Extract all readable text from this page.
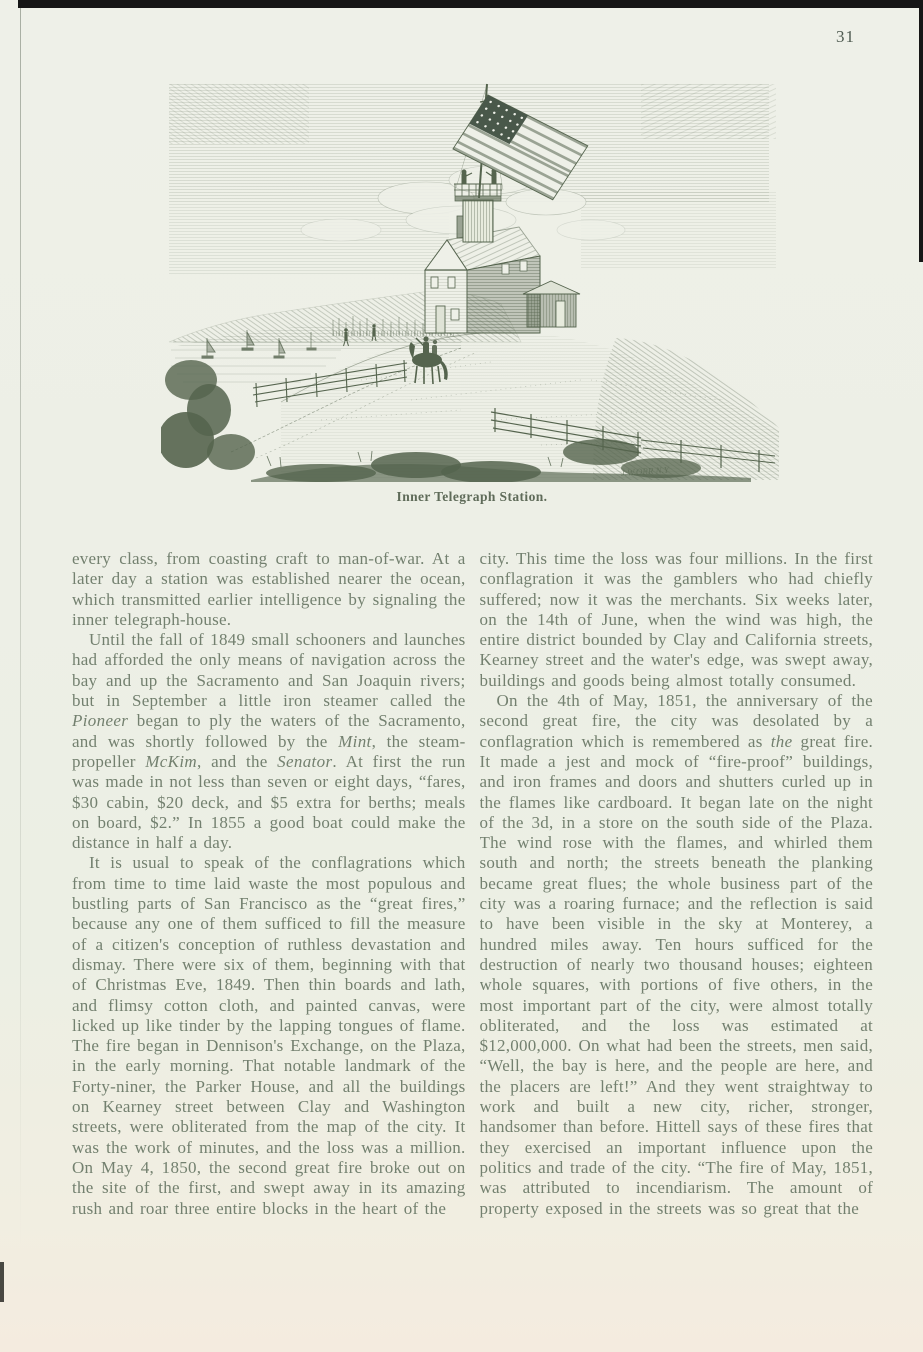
31
J.W.ORR N.Y
Inner Telegraph Station.

every class, from coasting craft to man-of-war. At a later day a station was established nearer the ocean, which transmitted earlier intelligence by signaling the inner telegraph-house.

Until the fall of 1849 small schooners and launches had afforded the only means of navigation across the bay and up the Sacramento and San Joaquin rivers; but in September a little iron steamer called the Pioneer began to ply the waters of the Sacramento, and was shortly followed by the Mint, the steam-propeller McKim, and the Senator. At first the run was made in not less than seven or eight days, “fares, $30 cabin, $20 deck, and $5 extra for berths; meals on board, $2.” In 1855 a good boat could make the distance in half a day.

It is usual to speak of the conflagrations which from time to time laid waste the most populous and bustling parts of San Francisco as the “great fires,” because any one of them sufficed to fill the measure of a citizen's conception of ruthless devastation and dismay. There were six of them, beginning with that of Christmas Eve, 1849. Then thin boards and lath, and flimsy cotton cloth, and painted canvas, were licked up like tinder by the lapping tongues of flame. The fire began in Dennison's Exchange, on the Plaza, in the early morning. That notable landmark of the Forty-niner, the Parker House, and all the buildings on Kearney street between Clay and Washington streets, were obliterated from the map of the city. It was the work of minutes, and the loss was a million. On May 4, 1850, the second great fire broke out on the site of the first, and swept away in its amazing rush and roar three entire blocks in the heart of the

city. This time the loss was four millions. In the first conflagration it was the gamblers who had chiefly suffered; now it was the merchants. Six weeks later, on the 14th of June, when the wind was high, the entire district bounded by Clay and California streets, Kearney street and the water's edge, was swept away, buildings and goods being almost totally consumed.

On the 4th of May, 1851, the anniversary of the second great fire, the city was desolated by a conflagration which is remembered as the great fire. It made a jest and mock of “fire-proof” buildings, and iron frames and doors and shutters curled up in the flames like cardboard. It began late on the night of the 3d, in a store on the south side of the Plaza. The wind rose with the flames, and whirled them south and north; the streets beneath the planking became great flues; the whole business part of the city was a roaring furnace; and the reflection is said to have been visible in the sky at Monterey, a hundred miles away. Ten hours sufficed for the destruction of nearly two thousand houses; eighteen whole squares, with portions of five others, in the most important part of the city, were almost totally obliterated, and the loss was estimated at $12,000,000. On what had been the streets, men said, “Well, the bay is here, and the people are here, and the placers are left!” And they went straightway to work and built a new city, richer, stronger, handsomer than before. Hittell says of these fires that they exercised an important influence upon the politics and trade of the city. “The fire of May, 1851, was attributed to incendiarism. The amount of property exposed in the streets was so great that the
